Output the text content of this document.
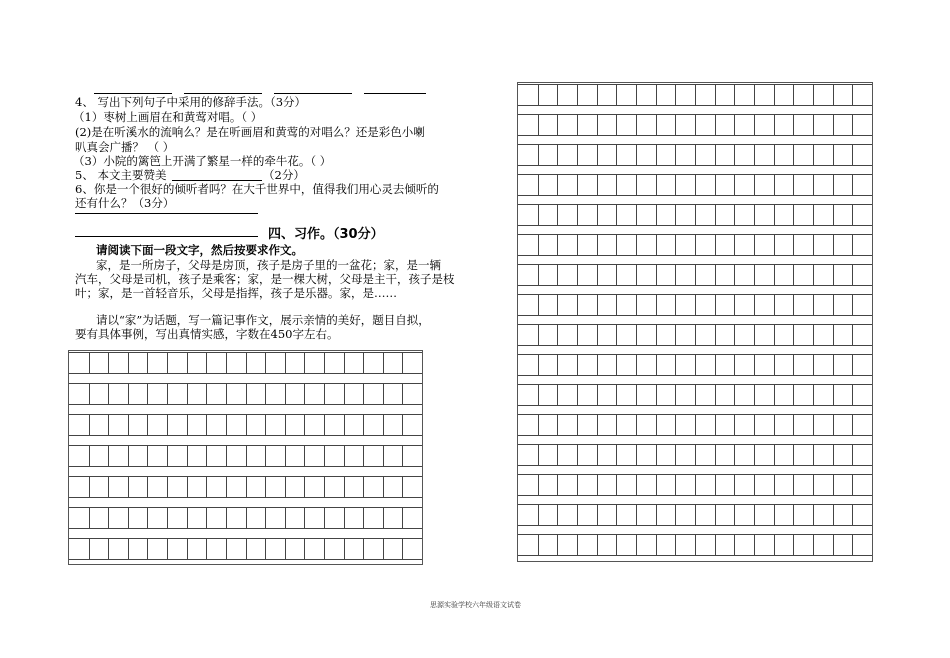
4、 写出下列句子中采用的修辞手法。（3分）
（1）枣树上画眉在和黄莺对唱。（ ）
(2)是在听溪水的流响么？是在听画眉和黄莺的对唱么？还是彩色小喇
叭真会广播？ （ ）
（3）小院的篱笆上开满了繁星一样的牵牛花。（ ）
5、 本文主要赞美	（2分）
6、你是一个很好的倾听者吗？在大千世界中，值得我们用心灵去倾听的
还有什么？（3分）
四、习作。（30分）
请阅读下面一段文字，然后按要求作文。
家，是一所房子，父母是房顶，孩子是房子里的一盆花；家，是一辆
汽车，父母是司机，孩子是乘客；家，是一棵大树，父母是主干，孩子是枝
叶；家，是一首轻音乐，父母是指挥，孩子是乐器。家，是……
请以“家”为话题，写一篇记事作文，展示亲情的美好，题目自拟，
要有具体事例，写出真情实感，字数在450字左右。
思源实验学校六年级语文试卷
